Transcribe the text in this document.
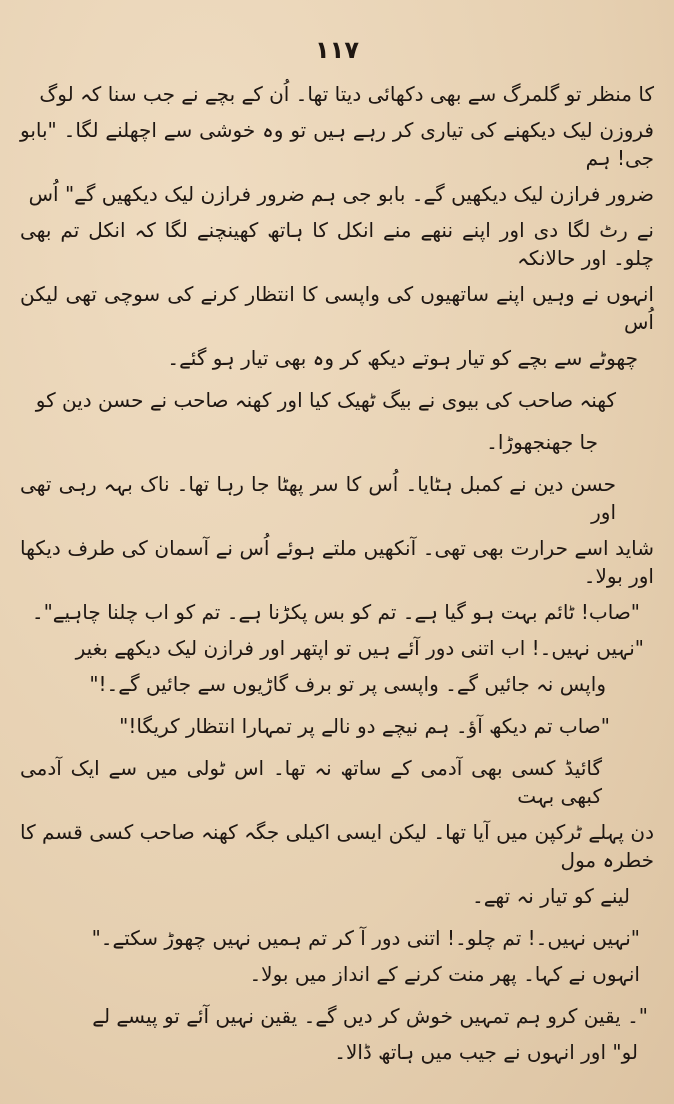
۱۱۷
کا منظر تو گلمرگ سے بھی دکھائی دیتا تھا۔ اُن کے بچے نے جب سنا کہ لوگ
فروزن لیک دیکھنے کی تیاری کر رہے ہیں تو وہ خوشی سے اچھلنے لگا۔ "بابو جی! ہم
ضرور فرازن لیک دیکھیں گے۔ بابو جی ہم ضرور فرازن لیک دیکھیں گے" اُس
نے رٹ لگا دی اور اپنے ننھے منے انکل کا ہاتھ کھینچنے لگا کہ انکل تم بھی چلو۔ اور حالانکہ
انہوں نے وہیں اپنے ساتھیوں کی واپسی کا انتظار کرنے کی سوچی تھی لیکن اُس
چھوٹے سے بچے کو تیار ہوتے دیکھ کر وہ بھی تیار ہو گئے۔
کھنہ صاحب کی بیوی نے بیگ ٹھیک کیا اور کھنہ صاحب نے حسن دین کو
جا جھنجھوڑا۔
حسن دین نے کمبل ہٹایا۔ اُس کا سر پھٹا جا رہا تھا۔ ناک بہہ رہی تھی اور
شاید اسے حرارت بھی تھی۔ آنکھیں ملتے ہوئے اُس نے آسمان کی طرف دیکھا اور بولا۔
"صاب! ٹائم بہت ہو گیا ہے۔ تم کو بس پکڑنا ہے۔ تم کو اب چلنا چاہیے"۔
"نہیں نہیں۔! اب اتنی دور آئے ہیں تو اپتھر اور فرازن لیک دیکھے بغیر
واپس نہ جائیں گے۔ واپسی پر تو برف گاڑیوں سے جائیں گے۔!"
"صاب تم دیکھ آؤ۔ ہم نیچے دو نالے پر تمہارا انتظار کریگا!"
گائیڈ کسی بھی آدمی کے ساتھ نہ تھا۔ اس ٹولی میں سے ایک آدمی کبھی بہت
دن پہلے ٹرکپن میں آیا تھا۔ لیکن ایسی اکیلی جگہ کھنہ صاحب کسی قسم کا خطرہ مول
لینے کو تیار نہ تھے۔
"نہیں نہیں۔! تم چلو۔! اتنی دور آ کر تم ہمیں نہیں چھوڑ سکتے۔"
انہوں نے کہا۔ پھر منت کرنے کے انداز میں بولا۔
"۔ یقین کرو ہم تمہیں خوش کر دیں گے۔ یقین نہیں آئے تو پیسے لے
لو" اور انہوں نے جیب میں ہاتھ ڈالا۔
